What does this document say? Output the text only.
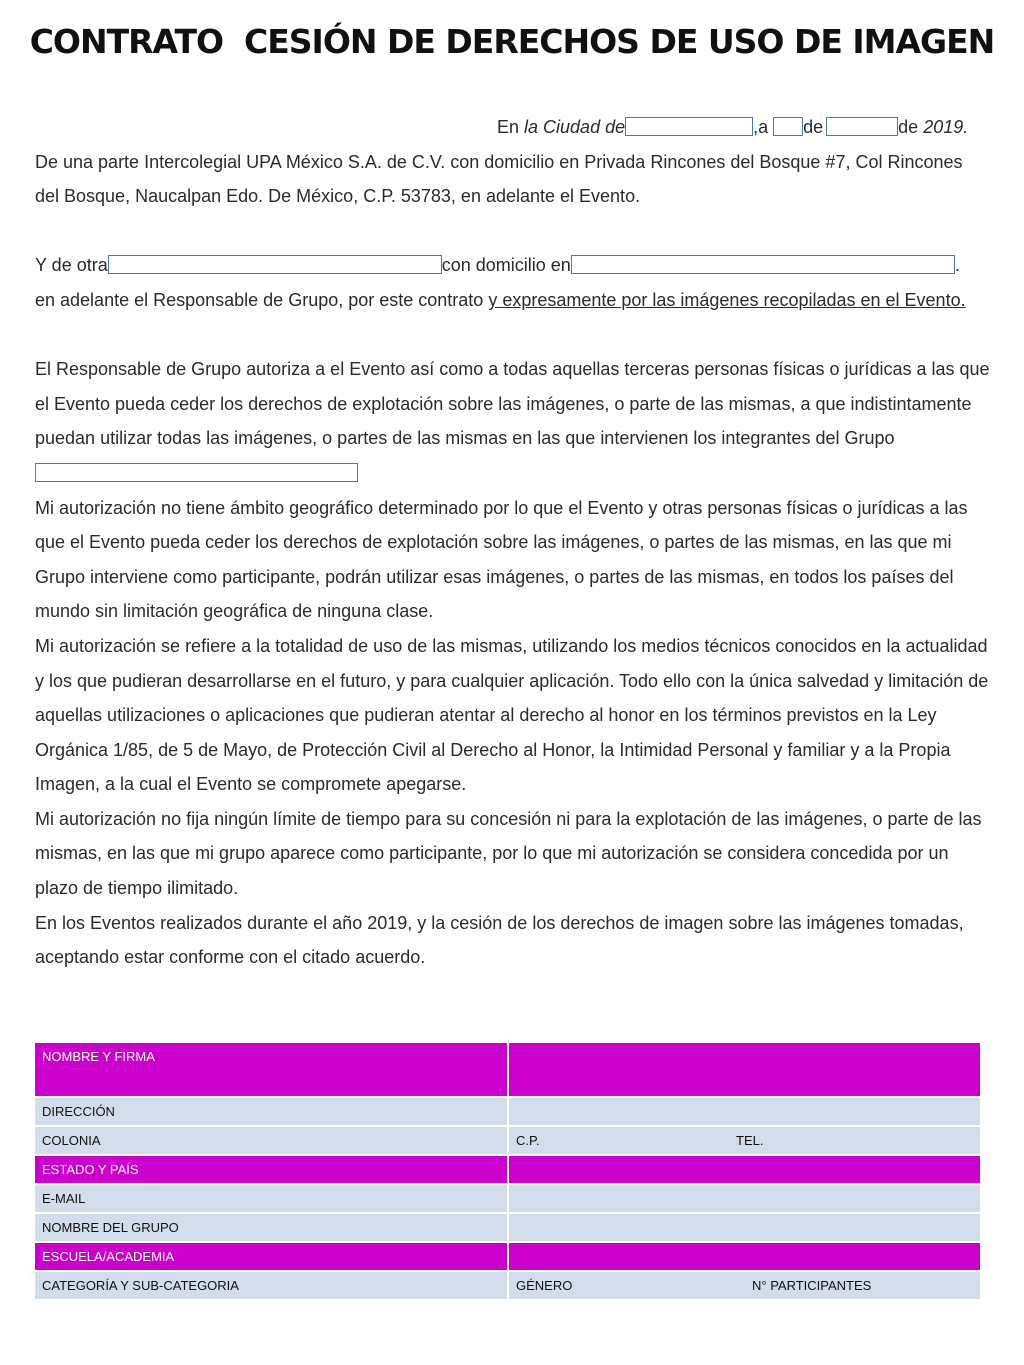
CONTRATO  CESIÓN DE DERECHOS DE USO DE IMAGEN

En la Ciudad de	,a de	de 2019.

De una parte Intercolegial UPA México S.A. de C.V. con domicilio en Privada Rincones del Bosque #7, Col Rincones del Bosque, Naucalpan Edo. De México, C.P. 53783, en adelante el Evento.

Y de otra	con domicilio en	.
en adelante el Responsable de Grupo, por este contrato y expresamente por las imágenes recopiladas en el Evento.

El Responsable de Grupo autoriza a el Evento así como a todas aquellas terceras personas físicas o jurídicas a las que el Evento pueda ceder los derechos de explotación sobre las imágenes, o parte de las mismas, a que indistintamente puedan utilizar todas las imágenes, o partes de las mismas en las que intervienen los integrantes del Grupo

Mi autorización no tiene ámbito geográfico determinado por lo que el Evento y otras personas físicas o jurídicas a las que el Evento pueda ceder los derechos de explotación sobre las imágenes, o partes de las mismas, en las que mi Grupo interviene como participante, podrán utilizar esas imágenes, o partes de las mismas, en todos los países del mundo sin limitación geográfica de ninguna clase.

Mi autorización se refiere a la totalidad de uso de las mismas, utilizando los medios técnicos conocidos en la actualidad y los que pudieran desarrollarse en el futuro, y para cualquier aplicación. Todo ello con la única salvedad y limitación de aquellas utilizaciones o aplicaciones que pudieran atentar al derecho al honor en los términos previstos en la Ley Orgánica 1/85, de 5 de Mayo, de Protección Civil al Derecho al Honor, la Intimidad Personal y familiar y a la Propia Imagen, a la cual el Evento se compromete apegarse.

Mi autorización no fija ningún límite de tiempo para su concesión ni para la explotación de las imágenes, o parte de las mismas, en las que mi grupo aparece como participante, por lo que mi autorización se considera concedida por un plazo de tiempo ilimitado.

En los Eventos realizados durante el año 2019, y la cesión de los derechos de imagen sobre las imágenes tomadas, aceptando estar conforme con el citado acuerdo.

NOMBRE Y FIRMA	
DIRECCIÓN	
COLONIA	C.P. TEL.

ESTADO Y PAÍS	
E-MAIL	
NOMBRE DEL GRUPO	
ESCUELA/ACADEMIA	
CATEGORÍA Y SUB-CATEGORIA	GÉNERO N° PARTICIPANTES
